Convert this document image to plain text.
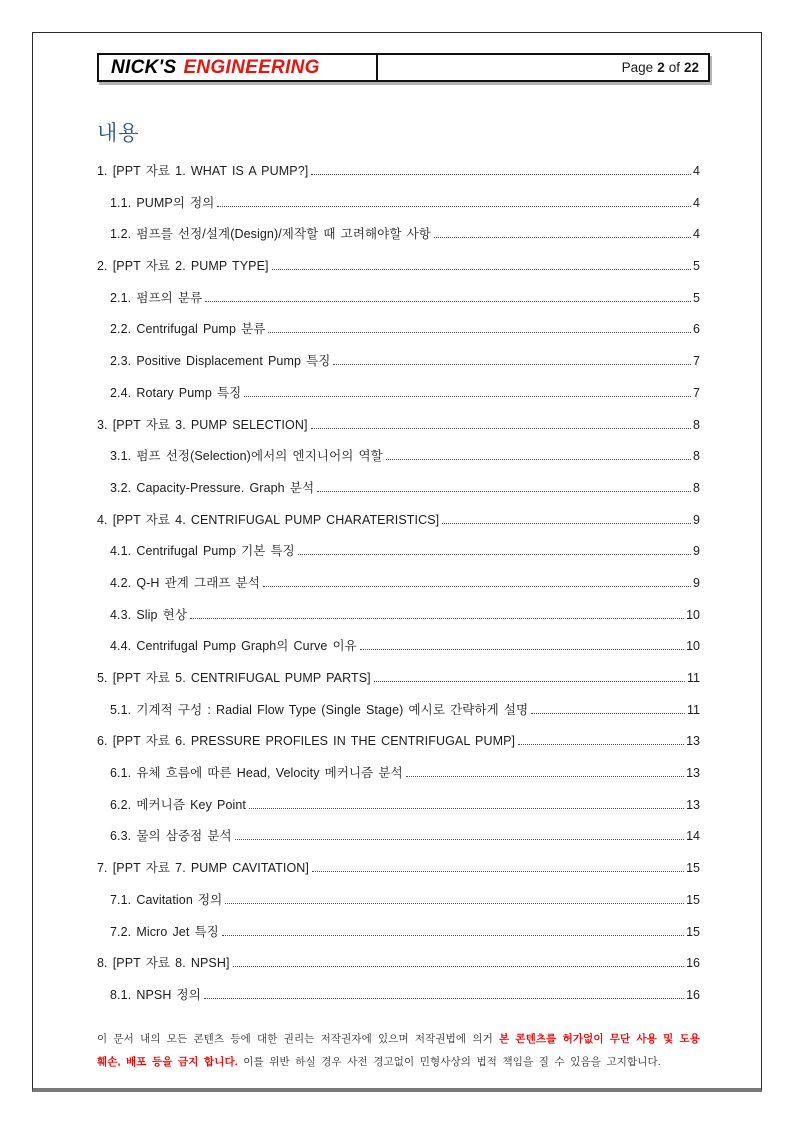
NICK'S ENGINEERING	Page 2 of 22
내용
1. [PPT 자료 1. WHAT IS A PUMP?]	4
1.1. PUMP의 정의	4
1.2. 펌프를 선정/설계(Design)/제작할 때 고려해야할 사항	4
2. [PPT 자료 2. PUMP TYPE]	5
2.1. 펌프의 분류	5
2.2. Centrifugal Pump 분류	6
2.3. Positive Displacement Pump 특징	7
2.4. Rotary Pump 특징	7
3. [PPT 자료 3. PUMP SELECTION]	8
3.1. 펌프 선정(Selection)에서의 엔지니어의 역할	8
3.2. Capacity-Pressure. Graph 분석	8
4. [PPT 자료 4. CENTRIFUGAL PUMP CHARATERISTICS]	9
4.1. Centrifugal Pump 기본 특징	9
4.2. Q-H 관계 그래프 분석	9
4.3. Slip 현상	10
4.4. Centrifugal Pump Graph의 Curve 이유	10
5. [PPT 자료 5. CENTRIFUGAL PUMP PARTS]	11
5.1. 기계적 구성 : Radial Flow Type (Single Stage) 예시로 간략하게 설명	11
6. [PPT 자료 6. PRESSURE PROFILES IN THE CENTRIFUGAL PUMP]	13
6.1. 유체 흐름에 따른 Head, Velocity 메커니즘 분석	13
6.2. 메커니즘 Key Point	13
6.3. 물의 삼중점 분석	14
7. [PPT 자료 7. PUMP CAVITATION]	15
7.1. Cavitation 정의	15
7.2. Micro Jet 특징	15
8. [PPT 자료 8. NPSH]	16
8.1. NPSH 정의	16
이 문서 내의 모든 콘텐츠 등에 대한 권리는 저작권자에 있으며 저작권법에 의거 본 콘텐츠를 허가없이 무단 사용 및 도용 훼손, 배포 등을 금지 합니다. 이를 위반 하실 경우 사전 경고없이 민형사상의 법적 책임을 질 수 있음을 고지합니다.
